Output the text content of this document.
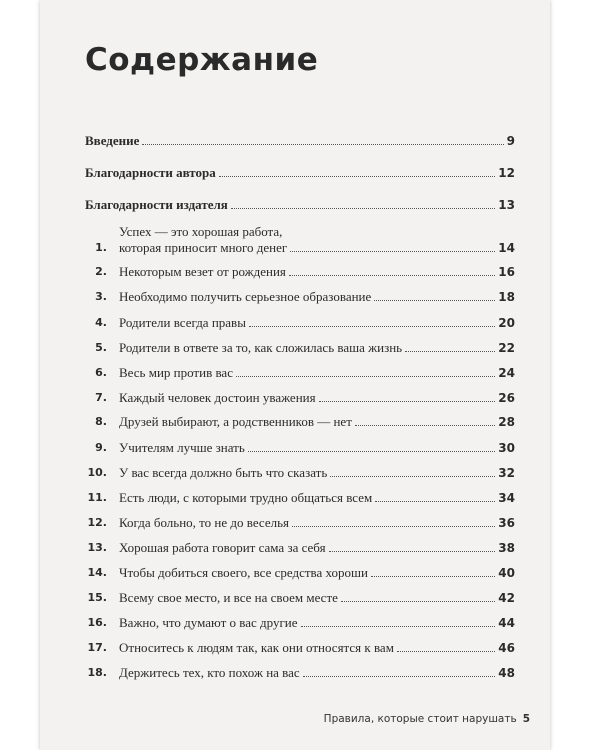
Содержание
Введение	9
Благодарности автора	12
Благодарности издателя	13
1.
Успех — это хорошая работа,
которая приносит много денег	14
2. Некоторым везет от рождения	16
3. Необходимо получить серьезное образование	18
4. Родители всегда правы	20
5. Родители в ответе за то, как сложилась ваша жизнь	22
6. Весь мир против вас	24
7. Каждый человек достоин уважения	26
8. Друзей выбирают, а родственников — нет	28
9. Учителям лучше знать	30
10. У вас всегда должно быть что сказать	32
11. Есть люди, с которыми трудно общаться всем	34
12. Когда больно, то не до веселья	36
13. Хорошая работа говорит сама за себя	38
14. Чтобы добиться своего, все средства хороши	40
15. Всему свое место, и все на своем месте	42
16. Важно, что думают о вас другие	44
17. Относитесь к людям так, как они относятся к вам	46
18. Держитесь тех, кто похож на вас	48
Правила, которые стоит нарушать 5
